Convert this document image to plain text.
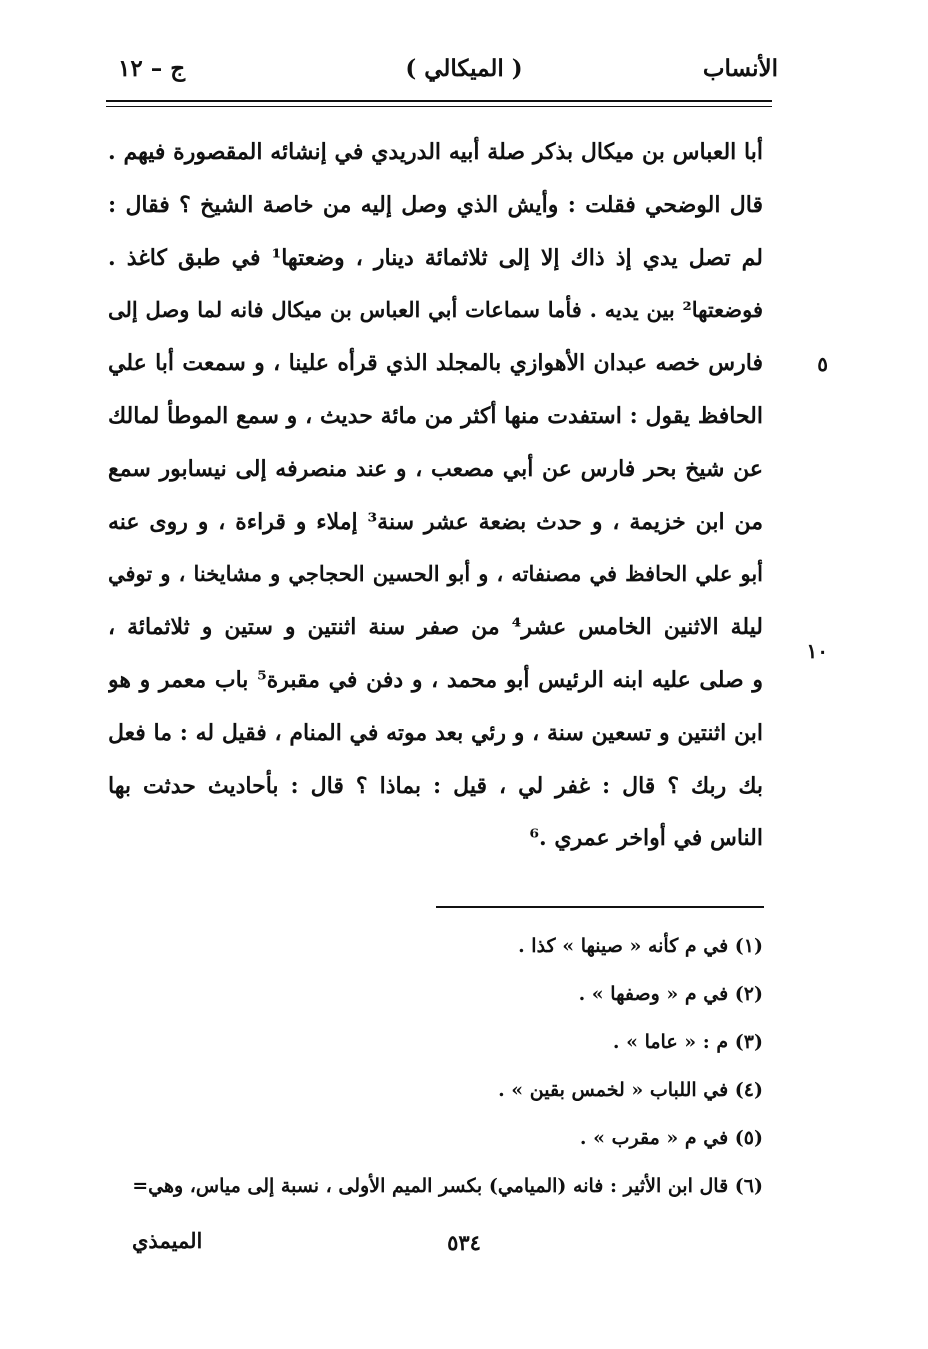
الأنساب
( الميكالي )
ج – ١٢
٥
١٠
أبا العباس بن ميكال بذكر صلة أبيه الدريدي في إنشائه المقصورة فيهم .
قال الوضحي فقلت : وأيش الذي وصل إليه من خاصة الشيخ ؟ فقال :
لم تصل يدي إذ ذاك إلا إلى ثلاثمائة دينار ، وضعتها¹ في طبق كاغذ .
فوضعتها² بين يديه . فأما سماعات أبي العباس بن ميكال فانه لما وصل إلى
فارس خصه عبدان الأهوازي بالمجلد الذي قرأه علينا ، و سمعت أبا علي
الحافظ يقول : استفدت منها أكثر من مائة حديث ، و سمع الموطأ لمالك
عن شيخ بحر فارس عن أبي مصعب ، و عند منصرفه إلى نيسابور سمع
من ابن خزيمة ، و حدث بضعة عشر سنة³ إملاء و قراءة ، و روى عنه
أبو علي الحافظ في مصنفاته ، و أبو الحسين الحجاجي و مشايخنا ، و توفي
ليلة الاثنين الخامس عشر⁴ من صفر سنة اثنتين و ستين و ثلاثمائة ،
و صلى عليه ابنه الرئيس أبو محمد ، و دفن في مقبرة⁵ باب معمر و هو
ابن اثنتين و تسعين سنة ، و رئي بعد موته في المنام ، فقيل له : ما فعل
بك ربك ؟ قال : غفر لي ، قيل : بماذا ؟ قال : بأحاديث حدثت بها
الناس في أواخر عمري .⁶
(١) في م كأنه « صينها » كذا .
(٢) في م « وصفها » .
(٣) م : « عاما » .
(٤) في اللباب « لخمس بقين » .
(٥) في م « مقرب » .
(٦) قال ابن الأثير : فانه (الميامي) بكسر الميم الأولى ، نسبة إلى مياس، وهي=
٥٣٤
الميمذي
